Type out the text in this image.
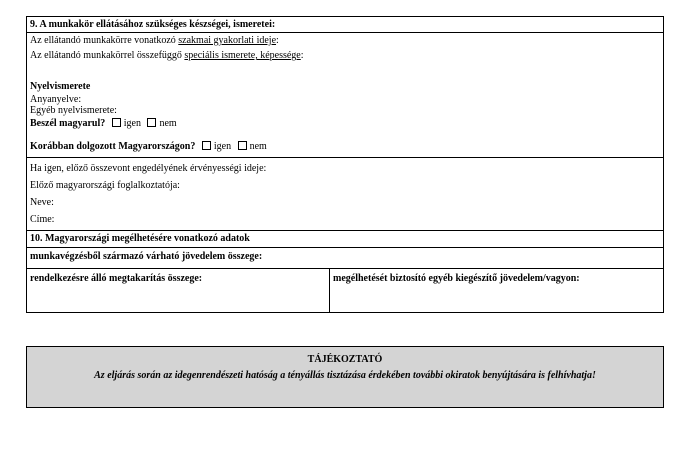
9. A munkakör ellátásához szükséges készségei, ismeretei:
Az ellátandó munkakörre vonatkozó szakmai gyakorlati ideje:
Az ellátandó munkakörrel összefüggő speciális ismerete, képessége:
Nyelvismerete
Anyanyelve:
Egyéb nyelvismerete:
Beszél magyarul? igen nem
Korábban dolgozott Magyarországon? igen nem
Ha igen, előző összevont engedélyének érvényességi ideje:
Előző magyarországi foglalkoztatója:
Neve:
Címe:
10. Magyarországi megélhetésére vonatkozó adatok
munkavégzésből származó várható jövedelem összege:
rendelkezésre álló megtakarítás összege:	megélhetését biztosító egyéb kiegészítő jövedelem/vagyon:
TÁJÉKOZTATÓ
Az eljárás során az idegenrendészeti hatóság a tényállás tisztázása érdekében további okiratok benyújtására is felhívhatja!
